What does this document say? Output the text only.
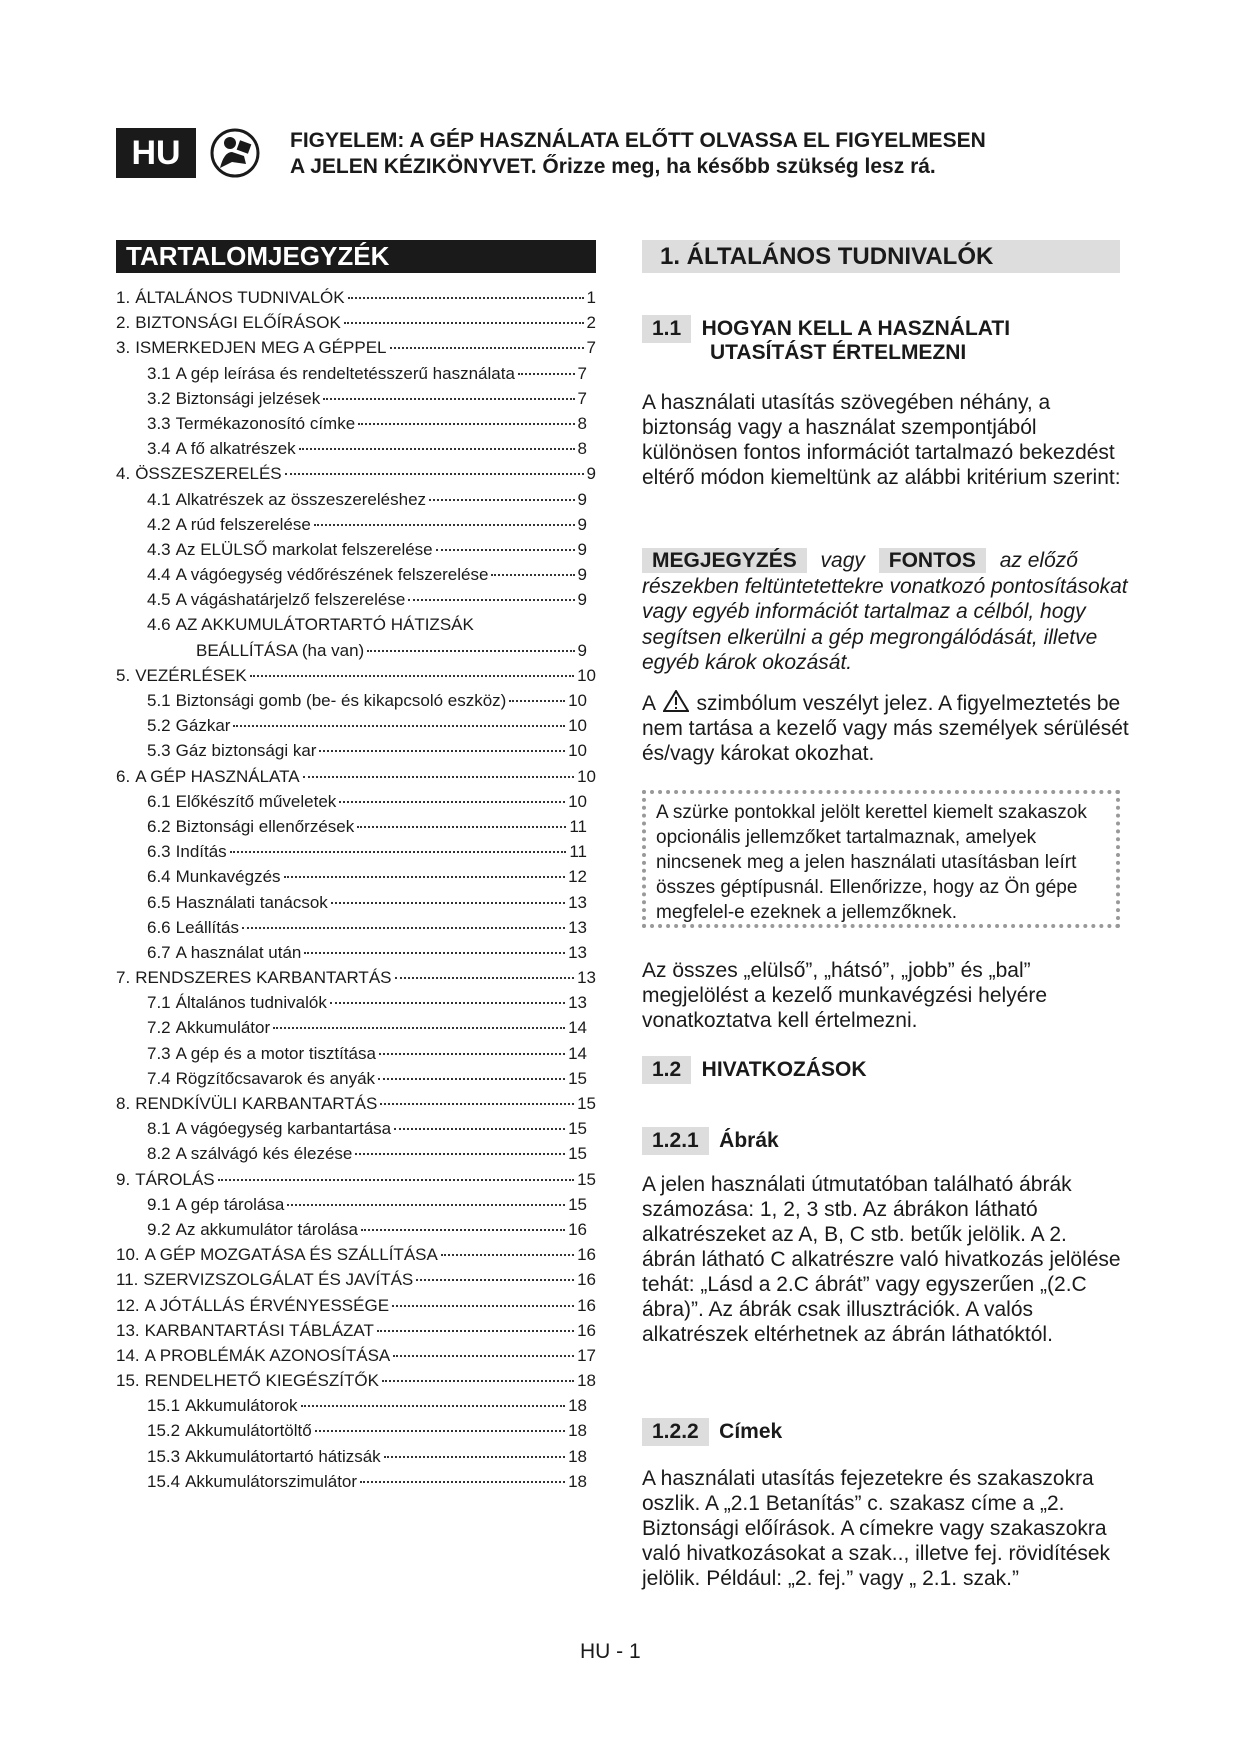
HU	FIGYELEM: A GÉP HASZNÁLATA ELŐTT OLVASSA EL FIGYELMESEN
A JELEN KÉZIKÖNYVET. Őrizze meg, ha később szükség lesz rá.
TARTALOMJEGYZÉK
1. ÁLTALÁNOS TUDNIVALÓK	1
2. BIZTONSÁGI ELŐÍRÁSOK	2
3. ISMERKEDJEN MEG A GÉPPEL	7
3.1 A gép leírása és rendeltetésszerű használata	7
3.2 Biztonsági jelzések	7
3.3 Termékazonosító címke	8
3.4 A fő alkatrészek	8
4. ÖSSZESZERELÉS	9
4.1 Alkatrészek az összeszereléshez	9
4.2 A rúd felszerelése	9
4.3 Az ELÜLSŐ markolat felszerelése	9
4.4 A vágóegység védőrészének felszerelése	9
4.5 A vágáshatárjelző felszerelése	9
4.6 AZ AKKUMULÁTORTARTÓ HÁTIZSÁK
BEÁLLÍTÁSA (ha van)	9
5. VEZÉRLÉSEK	10
5.1 Biztonsági gomb (be- és kikapcsoló eszköz)	10
5.2 Gázkar	10
5.3 Gáz biztonsági kar	10
6. A GÉP HASZNÁLATA	10
6.1 Előkészítő műveletek	10
6.2 Biztonsági ellenőrzések	11
6.3 Indítás	11
6.4 Munkavégzés	12
6.5 Használati tanácsok	13
6.6 Leállítás	13
6.7 A használat után	13
7. RENDSZERES KARBANTARTÁS	13
7.1 Általános tudnivalók	13
7.2 Akkumulátor	14
7.3 A gép és a motor tisztítása	14
7.4 Rögzítőcsavarok és anyák	15
8. RENDKÍVÜLI KARBANTARTÁS	15
8.1 A vágóegység karbantartása	15
8.2 A szálvágó kés élezése	15
9. TÁROLÁS	15
9.1 A gép tárolása	15
9.2 Az akkumulátor tárolása	16
10. A GÉP MOZGATÁSA ÉS SZÁLLÍTÁSA	16
11. SZERVIZSZOLGÁLAT ÉS JAVÍTÁS	16
12. A JÓTÁLLÁS ÉRVÉNYESSÉGE	16
13. KARBANTARTÁSI TÁBLÁZAT	16
14. A PROBLÉMÁK AZONOSÍTÁSA	17
15. RENDELHETŐ KIEGÉSZÍTŐK	18
15.1 Akkumulátorok	18
15.2 Akkumulátortöltő	18
15.3 Akkumulátortartó hátizsák	18
15.4 Akkumulátorszimulátor	18
1. ÁLTALÁNOS TUDNIVALÓK
1.1 HOGYAN KELL A HASZNÁLATI
UTASÍTÁST ÉRTELMEZNI
A használati utasítás szövegében néhány, a biztonság vagy a használat szempontjából különösen fontos információt tartalmazó bekezdést eltérő módon kiemeltünk az alábbi kritérium szerint:
MEGJEGYZÉS vagy FONTOS az előző részekben feltüntetettekre vonatkozó pontosításokat vagy egyéb információt tartalmaz a célból, hogy segítsen elkerülni a gép megrongálódását, illetve egyéb károk okozását.
A szimbólum veszélyt jelez. A figyelmeztetés be nem tartása a kezelő vagy más személyek sérülését és/vagy károkat okozhat.
A szürke pontokkal jelölt kerettel kiemelt szakaszok opcionális jellemzőket tartalmaznak, amelyek nincsenek meg a jelen használati utasításban leírt összes géptípusnál. Ellenőrizze, hogy az Ön gépe megfelel-e ezeknek a jellemzőknek.
Az összes „elülső”, „hátsó”, „jobb” és „bal” megjelölést a kezelő munkavégzési helyére vonatkoztatva kell értelmezni.
1.2 HIVATKOZÁSOK
1.2.1 Ábrák
A jelen használati útmutatóban található ábrák számozása: 1, 2, 3 stb. Az ábrákon látható alkatrészeket az A, B, C stb. betűk jelölik. A 2. ábrán látható C alkatrészre való hivatkozás jelölése tehát: „Lásd a 2.C ábrát” vagy egyszerűen „(2.C ábra)”. Az ábrák csak illusztrációk. A valós alkatrészek eltérhetnek az ábrán láthatóktól.
1.2.2 Címek
A használati utasítás fejezetekre és szakaszokra oszlik. A „2.1 Betanítás” c. szakasz címe a „2. Biztonsági előírások. A címekre vagy szakaszokra való hivatkozásokat a szak.., illetve fej. rövidítések jelölik. Például: „2. fej.” vagy „ 2.1. szak.”
HU - 1
